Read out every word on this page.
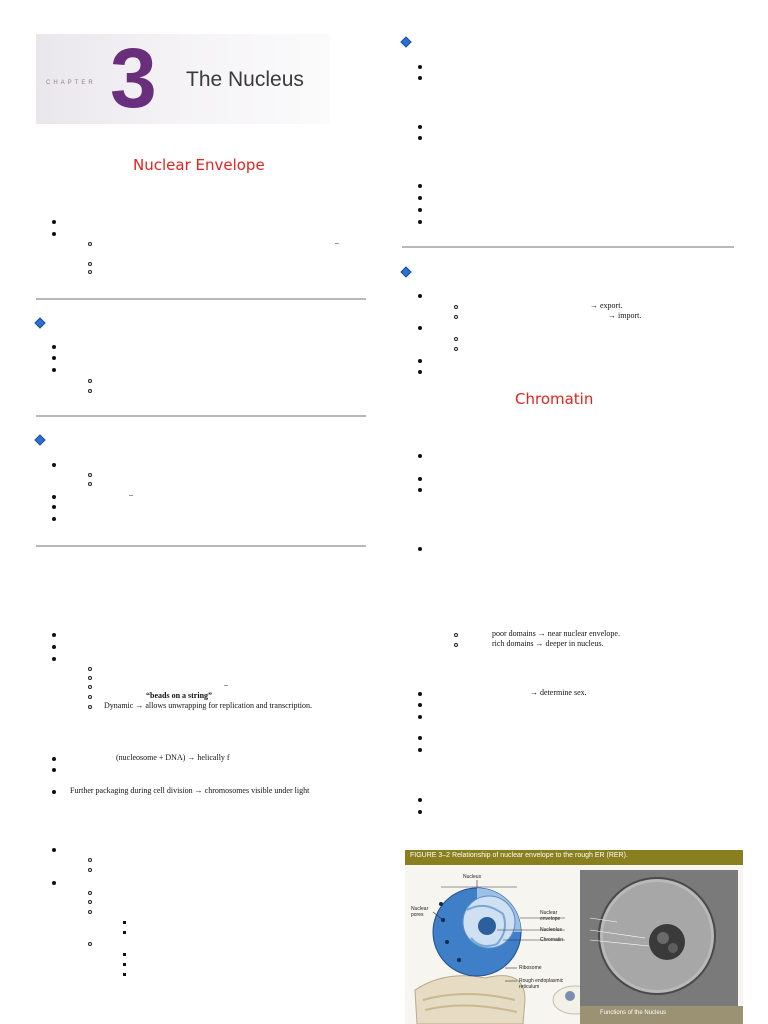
CHAPTER 3 The Nucleus
Nuclear Envelope
–
–
–
“beads on a string”
Dynamic → allows unwrapping for replication and transcription.
(nucleosome + DNA) → helically f
Further packaging during cell division → chromosomes visible under light
→ export.
→ import.
Chromatin
poor domains → near nuclear envelope.
rich domains → deeper in nucleus.
→ determine sex.
FIGURE 3–2 Relationship of nuclear envelope to the rough ER (RER).
Nucleus
Nuclear
pores	Nuclear
envelope
Nucleolus
Chromatin
Ribosome
Rough endoplasmic
reticulum
Functions of the Nucleus
